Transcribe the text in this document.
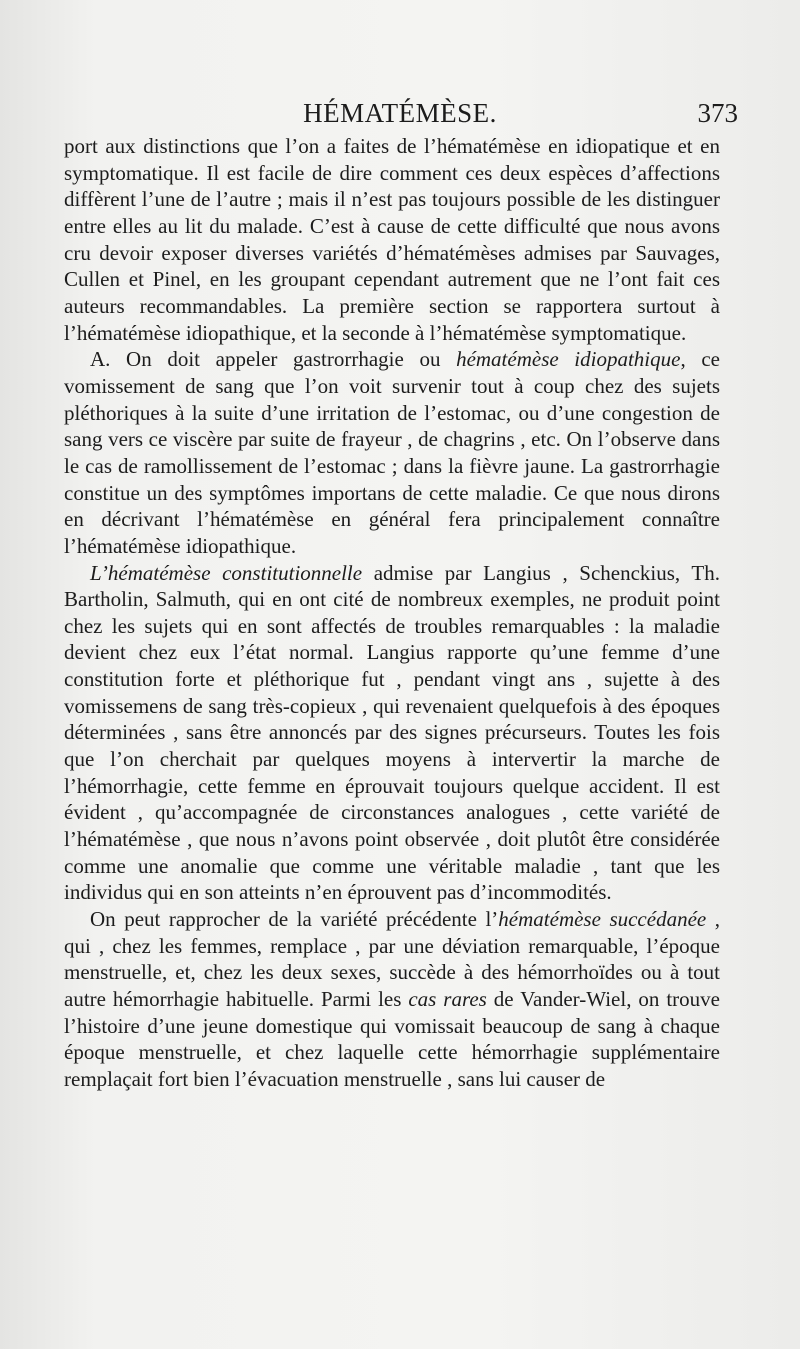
HÉMATÉMÈSE.	373

port aux distinctions que l’on a faites de l’hématémèse en idiopatique et en symptomatique. Il est facile de dire comment ces deux espèces d’affections diffèrent l’une de l’autre ; mais il n’est pas toujours possible de les distinguer entre elles au lit du malade. C’est à cause de cette difficulté que nous avons cru devoir exposer diverses variétés d’hématémèses admises par Sauvages, Cullen et Pinel, en les groupant cependant autrement que ne l’ont fait ces auteurs recommandables. La première section se rapportera surtout à l’hématémèse idiopathique, et la seconde à l’hématémèse symptomatique.

A. On doit appeler gastrorrhagie ou hématémèse idiopathique, ce vomissement de sang que l’on voit survenir tout à coup chez des sujets pléthoriques à la suite d’une irritation de l’estomac, ou d’une congestion de sang vers ce viscère par suite de frayeur , de chagrins , etc. On l’observe dans le cas de ramollissement de l’estomac ; dans la fièvre jaune. La gastrorrhagie constitue un des symptômes importans de cette maladie. Ce que nous dirons en décrivant l’hématémèse en général fera principalement connaître l’hématémèse idiopathique.

L’hématémèse constitutionnelle admise par Langius , Schenckius, Th. Bartholin, Salmuth, qui en ont cité de nombreux exemples, ne produit point chez les sujets qui en sont affectés de troubles remarquables : la maladie devient chez eux l’état normal. Langius rapporte qu’une femme d’une constitution forte et pléthorique fut , pendant vingt ans , sujette à des vomissemens de sang très-copieux , qui revenaient quelquefois à des époques déterminées , sans être annoncés par des signes précurseurs. Toutes les fois que l’on cherchait par quelques moyens à intervertir la marche de l’hémorrhagie, cette femme en éprouvait toujours quelque accident. Il est évident , qu’accompagnée de circonstances analogues , cette variété de l’hématémèse , que nous n’avons point observée , doit plutôt être considérée comme une anomalie que comme une véritable maladie , tant que les individus qui en son atteints n’en éprouvent pas d’incommodités.

On peut rapprocher de la variété précédente l’hématémèse succédanée , qui , chez les femmes, remplace , par une déviation remarquable, l’époque menstruelle, et, chez les deux sexes, succède à des hémorrhoïdes ou à tout autre hémorrhagie habituelle. Parmi les cas rares de Vander-Wiel, on trouve l’histoire d’une jeune domestique qui vomissait beaucoup de sang à chaque époque menstruelle, et chez laquelle cette hémorrhagie supplémentaire remplaçait fort bien l’évacuation menstruelle , sans lui causer de
